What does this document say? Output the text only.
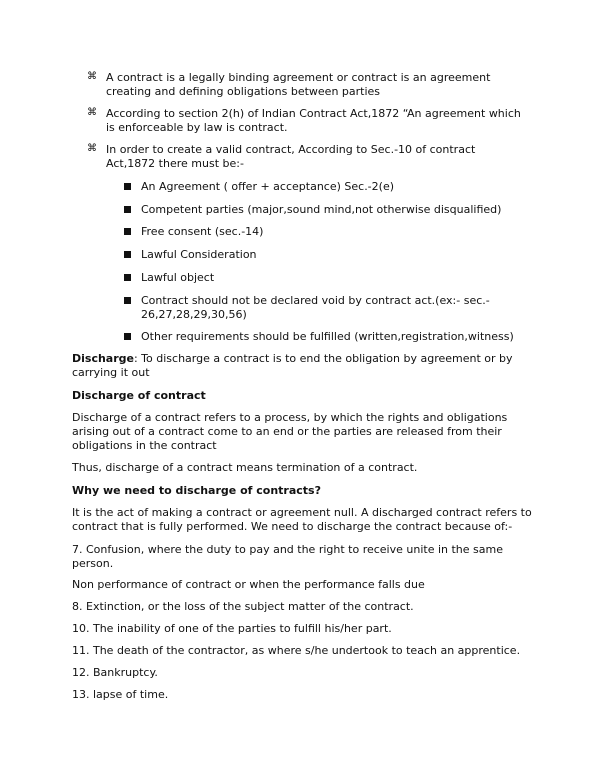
⌘ A contract is a legally binding agreement or contract is an agreement creating and defining obligations between parties
⌘ According to section 2(h) of Indian Contract Act,1872 “An agreement which is enforceable by law is contract.
⌘ In order to create a valid contract, According to Sec.-10 of contract Act,1872 there must be:-
An Agreement ( offer + acceptance) Sec.-2(e)
Competent parties (major,sound mind,not otherwise disqualified)
Free consent (sec.-14)
Lawful Consideration
Lawful object
Contract should not be declared void by contract act.(ex:- sec.- 26,27,28,29,30,56)
Other requirements should be fulfilled (written,registration,witness)
Discharge: To discharge a contract is to end the obligation by agreement or by carrying it out
Discharge of contract
Discharge of a contract refers to a process, by which the rights and obligations arising out of a contract come to an end or the parties are released from their obligations in the contract
Thus, discharge of a contract means termination of a contract.
Why we need to discharge of contracts?
It is the act of making a contract or agreement null. A discharged contract refers to contract that is fully performed. We need to discharge the contract because of:-
7. Confusion, where the duty to pay and the right to receive unite in the same person.
Non performance of contract or when the performance falls due
8. Extinction, or the loss of the subject matter of the contract.
10. The inability of one of the parties to fulfill his/her part.
11. The death of the contractor, as where s/he undertook to teach an apprentice.
12. Bankruptcy.
13. lapse of time.
